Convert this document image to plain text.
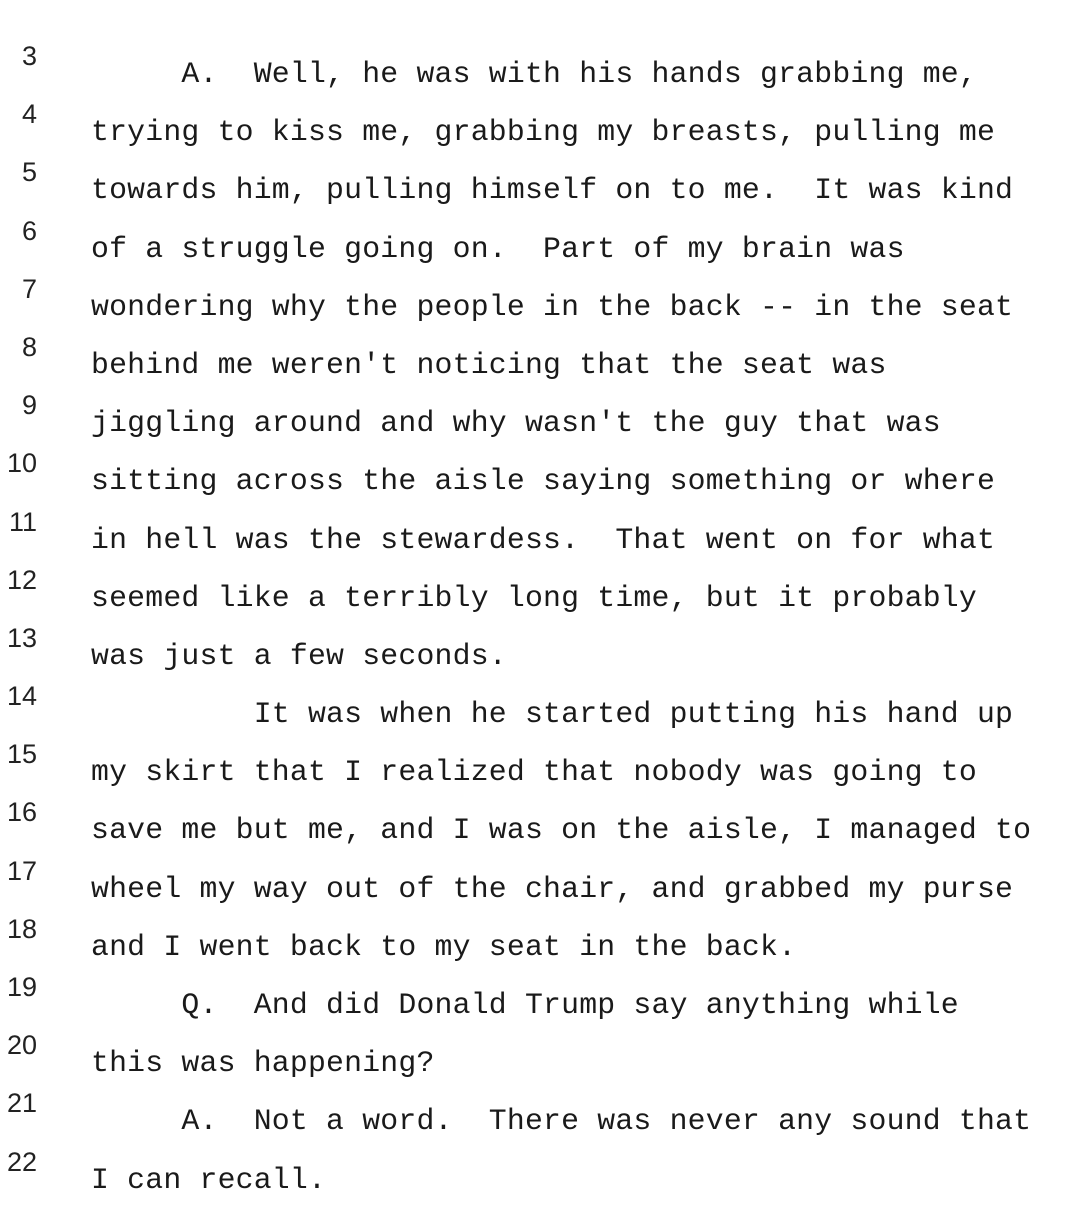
3

A.  Well, he was with his hands grabbing me,

4

trying to kiss me, grabbing my breasts, pulling me

5

towards him, pulling himself on to me.  It was kind

6

of a struggle going on.  Part of my brain was

7

wondering why the people in the back -- in the seat

8

behind me weren't noticing that the seat was

9

jiggling around and why wasn't the guy that was

10

sitting across the aisle saying something or where

11

in hell was the stewardess.  That went on for what

12

seemed like a terribly long time, but it probably

13

was just a few seconds.

14

It was when he started putting his hand up

15

my skirt that I realized that nobody was going to

16

save me but me, and I was on the aisle, I managed to

17

wheel my way out of the chair, and grabbed my purse

18

and I went back to my seat in the back.

19

Q.  And did Donald Trump say anything while

20

this was happening?

21

A.  Not a word.  There was never any sound that

22

I can recall.
